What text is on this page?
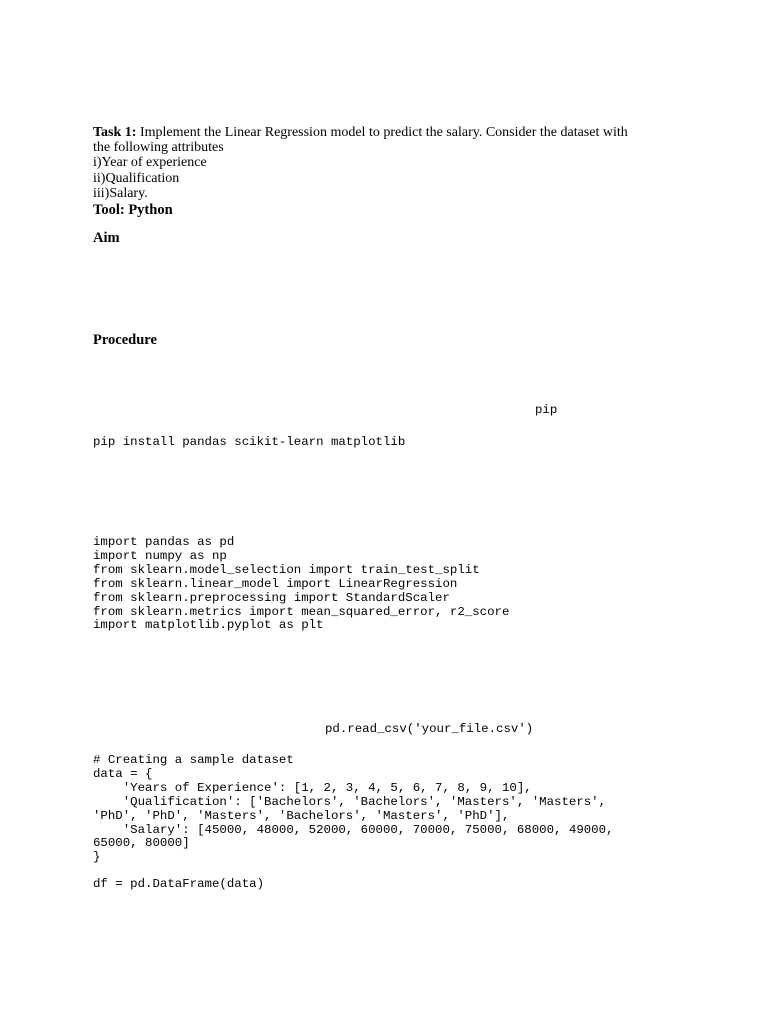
Task 1: Implement the Linear Regression model to predict the salary. Consider the dataset with

the following attributes

i)Year of experience

ii)Qualification

iii)Salary.

Tool: Python

Aim

Procedure

pip

pip install pandas scikit-learn matplotlib

import pandas as pd
import numpy as np
from sklearn.model_selection import train_test_split
from sklearn.linear_model import LinearRegression
from sklearn.preprocessing import StandardScaler
from sklearn.metrics import mean_squared_error, r2_score
import matplotlib.pyplot as plt

pd.read_csv('your_file.csv')

# Creating a sample dataset
data = {
'Years of Experience': [1, 2, 3, 4, 5, 6, 7, 8, 9, 10],
'Qualification': ['Bachelors', 'Bachelors', 'Masters', 'Masters',
'PhD', 'PhD', 'Masters', 'Bachelors', 'Masters', 'PhD'],
'Salary': [45000, 48000, 52000, 60000, 70000, 75000, 68000, 49000,
65000, 80000]
}

df = pd.DataFrame(data)
